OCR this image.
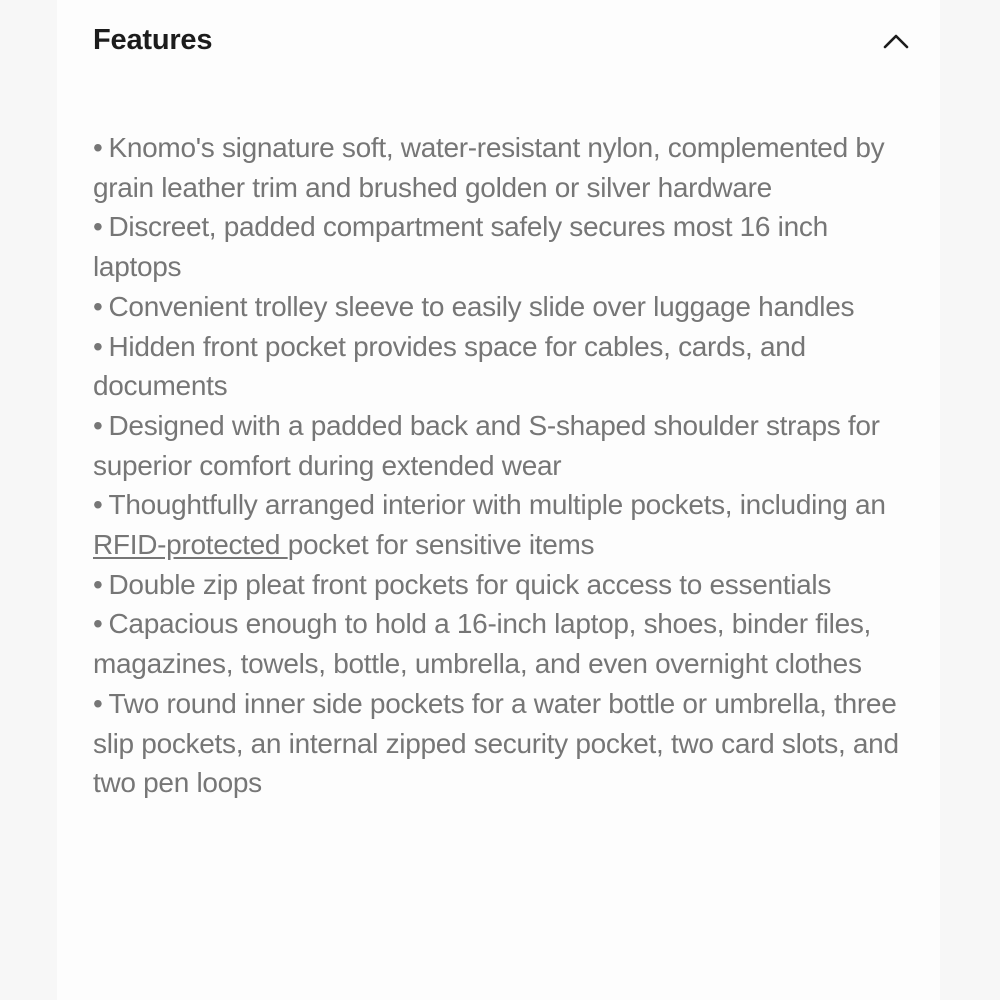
Features

• Knomo's signature soft, water-resistant nylon, complemented by grain leather trim and brushed golden or silver hardware

• Discreet, padded compartment safely secures most 16 inch laptops

• Convenient trolley sleeve to easily slide over luggage handles

• Hidden front pocket provides space for cables, cards, and documents

• Designed with a padded back and S-shaped shoulder straps for superior comfort during extended wear

• Thoughtfully arranged interior with multiple pockets, including an RFID-protected pocket for sensitive items

• Double zip pleat front pockets for quick access to essentials

• Capacious enough to hold a 16-inch laptop, shoes, binder files, magazines, towels, bottle, umbrella, and even overnight clothes

• Two round inner side pockets for a water bottle or umbrella, three slip pockets, an internal zipped security pocket, two card slots, and two pen loops
